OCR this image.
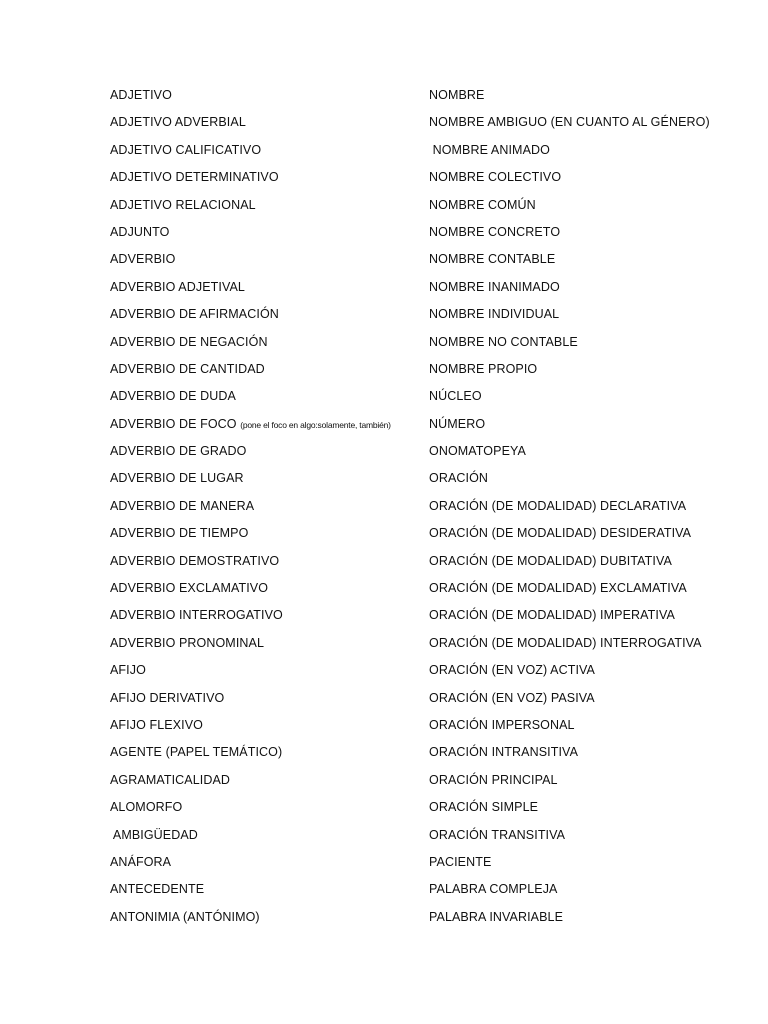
ADJETIVO
ADJETIVO ADVERBIAL
ADJETIVO CALIFICATIVO
ADJETIVO DETERMINATIVO
ADJETIVO RELACIONAL
ADJUNTO
ADVERBIO
ADVERBIO ADJETIVAL
ADVERBIO DE AFIRMACIÓN
ADVERBIO DE NEGACIÓN
ADVERBIO DE CANTIDAD
ADVERBIO DE DUDA
ADVERBIO DE FOCO (pone el foco en algo:solamente, también)
ADVERBIO DE GRADO
ADVERBIO DE LUGAR
ADVERBIO DE MANERA
ADVERBIO DE TIEMPO
ADVERBIO DEMOSTRATIVO
ADVERBIO EXCLAMATIVO
ADVERBIO INTERROGATIVO
ADVERBIO PRONOMINAL
AFIJO
AFIJO DERIVATIVO
AFIJO FLEXIVO
AGENTE (PAPEL TEMÁTICO)
AGRAMATICALIDAD
ALOMORFO
AMBIGÜEDAD
ANÁFORA
ANTECEDENTE
ANTONIMIA (ANTÓNIMO)
NOMBRE
NOMBRE AMBIGUO (EN CUANTO AL GÉNERO)
NOMBRE ANIMADO
NOMBRE COLECTIVO
NOMBRE COMÚN
NOMBRE CONCRETO
NOMBRE CONTABLE
NOMBRE INANIMADO
NOMBRE INDIVIDUAL
NOMBRE NO CONTABLE
NOMBRE PROPIO
NÚCLEO
NÚMERO
ONOMATOPEYA
ORACIÓN
ORACIÓN (DE MODALIDAD) DECLARATIVA
ORACIÓN (DE MODALIDAD) DESIDERATIVA
ORACIÓN (DE MODALIDAD) DUBITATIVA
ORACIÓN (DE MODALIDAD) EXCLAMATIVA
ORACIÓN (DE MODALIDAD) IMPERATIVA
ORACIÓN (DE MODALIDAD) INTERROGATIVA
ORACIÓN (EN VOZ) ACTIVA
ORACIÓN (EN VOZ) PASIVA
ORACIÓN IMPERSONAL
ORACIÓN INTRANSITIVA
ORACIÓN PRINCIPAL
ORACIÓN SIMPLE
ORACIÓN TRANSITIVA
PACIENTE
PALABRA COMPLEJA
PALABRA INVARIABLE
